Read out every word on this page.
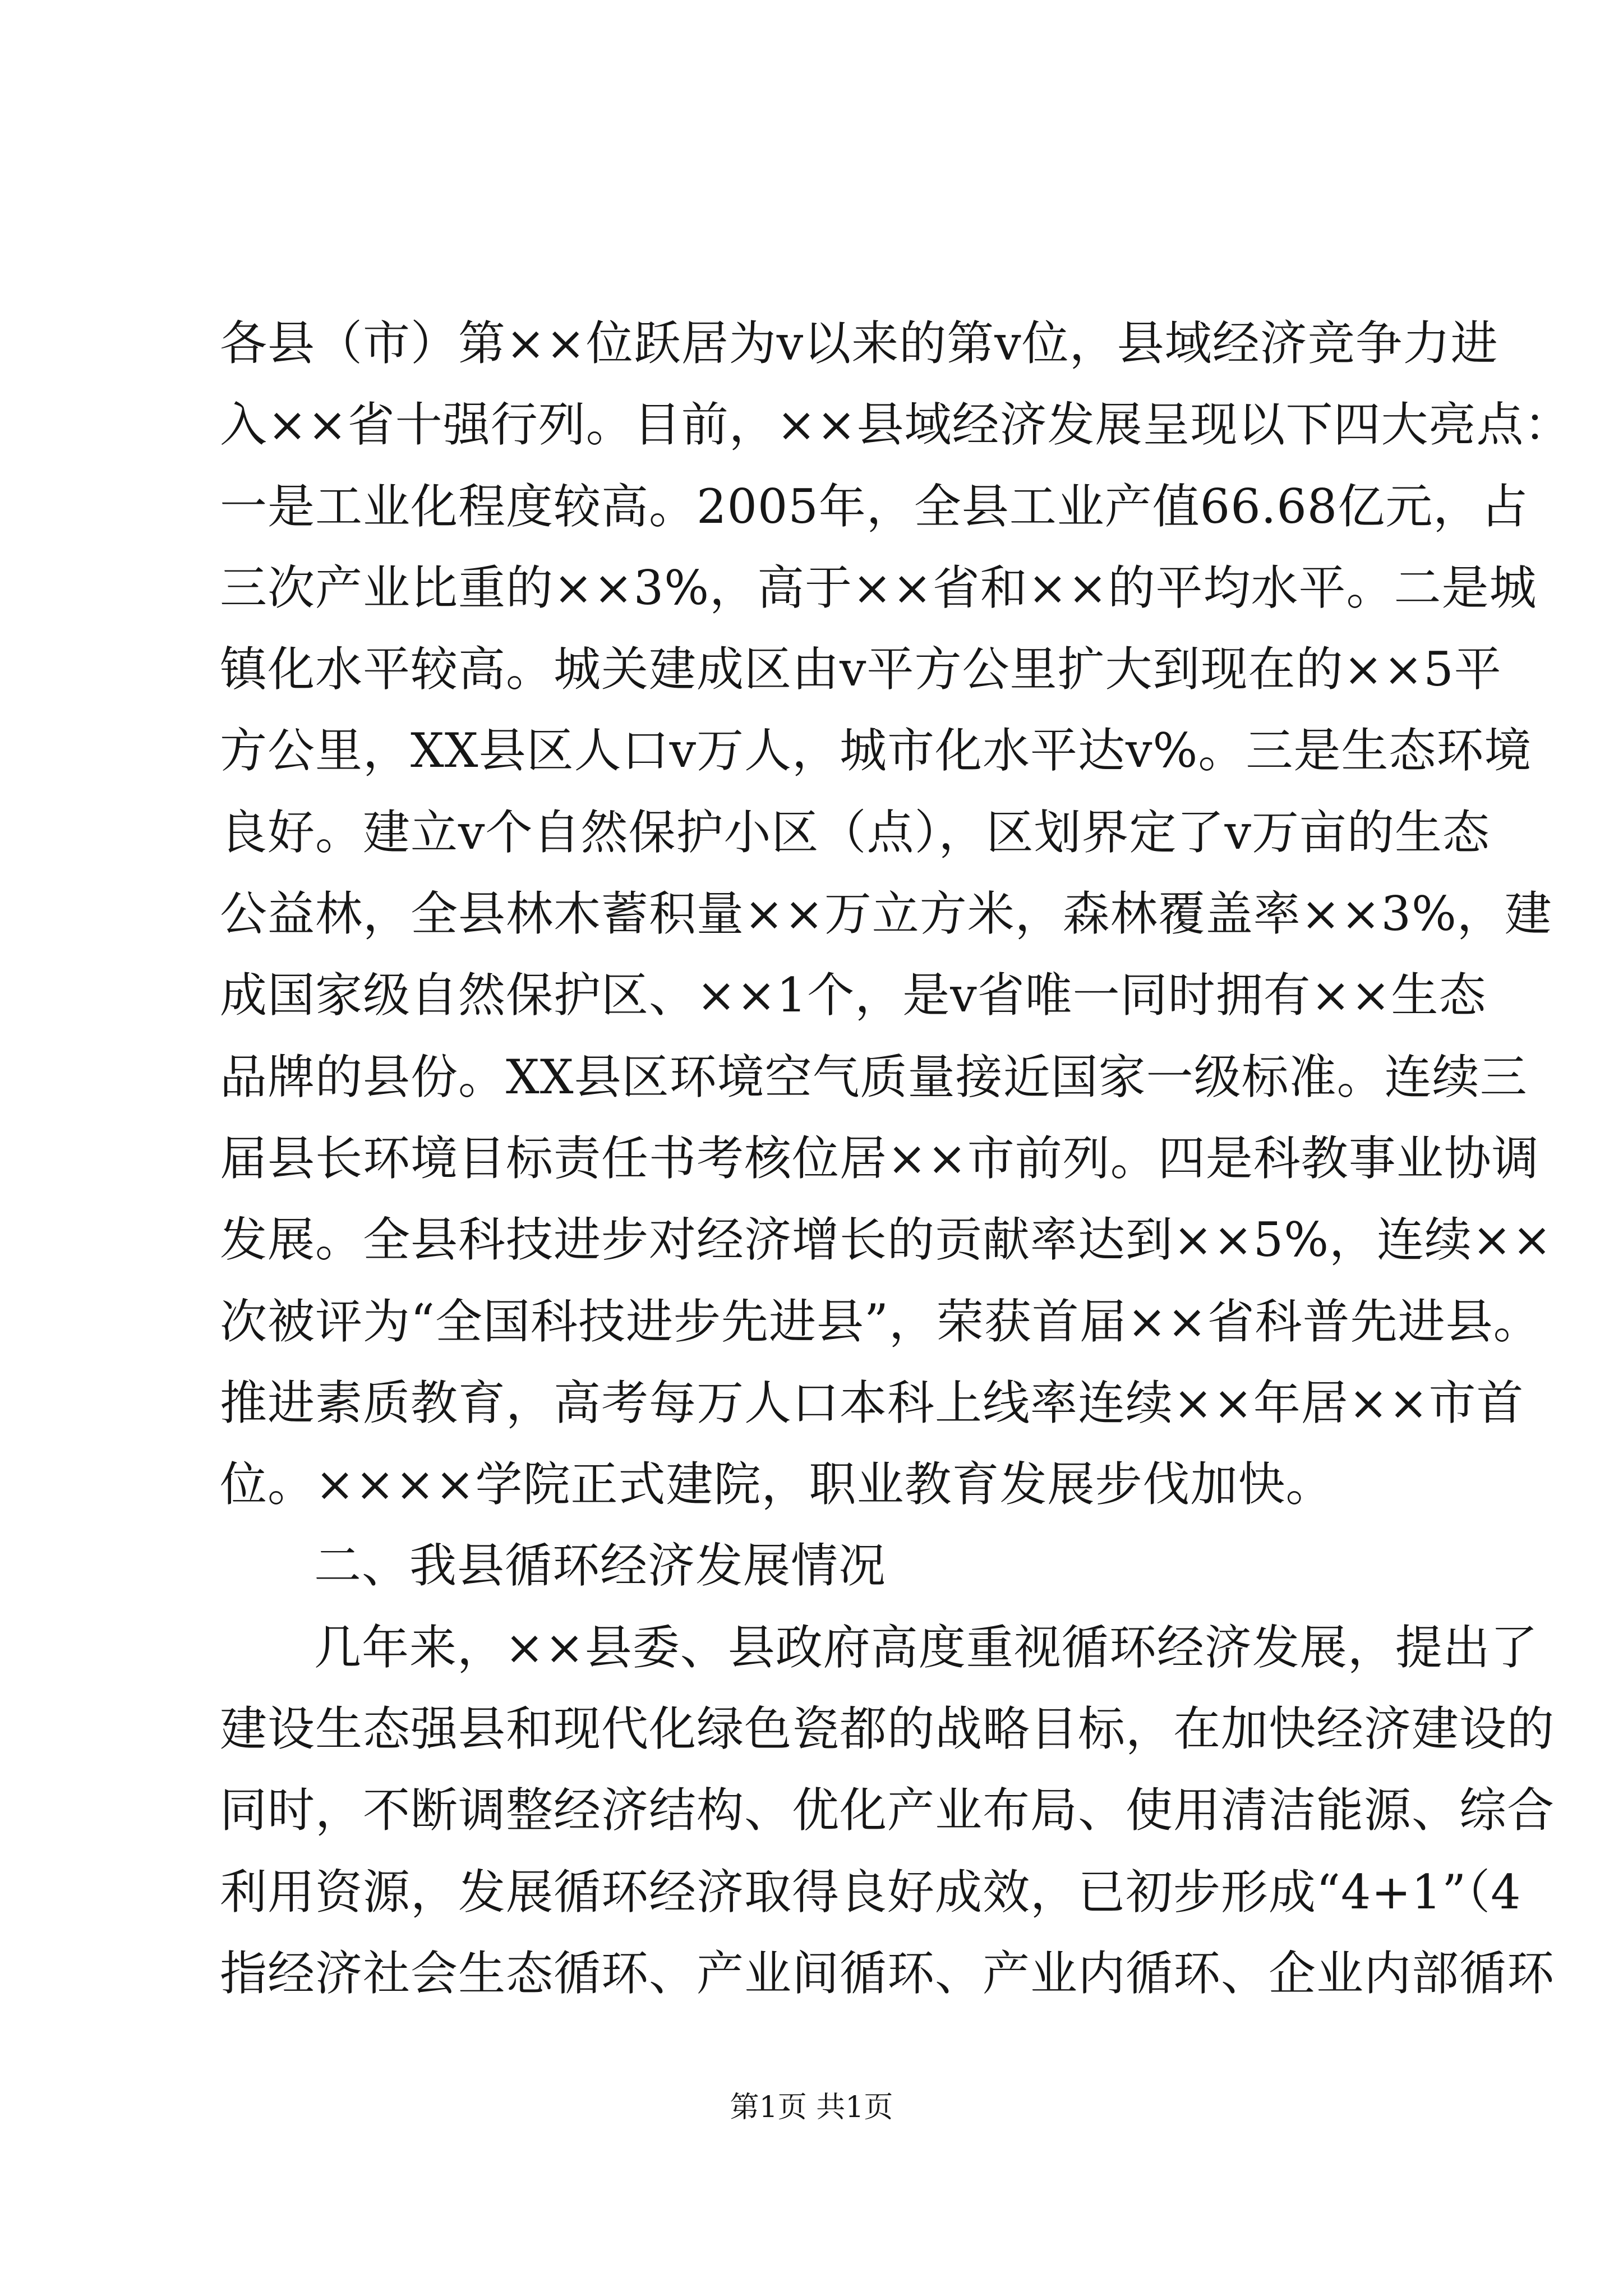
各县（市）第××位跃居为v以来的第v位，县域经济竞争力进
入××省十强行列。目前，××县域经济发展呈现以下四大亮点：
一是工业化程度较高。2005年，全县工业产值66.68亿元，占
三次产业比重的××3%，高于××省和××的平均水平。二是城
镇化水平较高。城关建成区由v平方公里扩大到现在的××5平
方公里，XX县区人口v万人，城市化水平达v%。三是生态环境
良好。建立v个自然保护小区（点），区划界定了v万亩的生态
公益林，全县林木蓄积量××万立方米，森林覆盖率××3%，建
成国家级自然保护区、××1个，是v省唯一同时拥有××生态
品牌的县份。XX县区环境空气质量接近国家一级标准。连续三
届县长环境目标责任书考核位居××市前列。四是科教事业协调
发展。全县科技进步对经济增长的贡献率达到××5%，连续××
次被评为“全国科技进步先进县”，荣获首届××省科普先进县。
推进素质教育，高考每万人口本科上线率连续××年居××市首
位。××××学院正式建院，职业教育发展步伐加快。
二、我县循环经济发展情况
几年来，××县委、县政府高度重视循环经济发展，提出了
建设生态强县和现代化绿色瓷都的战略目标，在加快经济建设的
同时，不断调整经济结构、优化产业布局、使用清洁能源、综合
利用资源，发展循环经济取得良好成效，已初步形成“4+1”（4
指经济社会生态循环、产业间循环、产业内循环、企业内部循环
第1页 共1页
